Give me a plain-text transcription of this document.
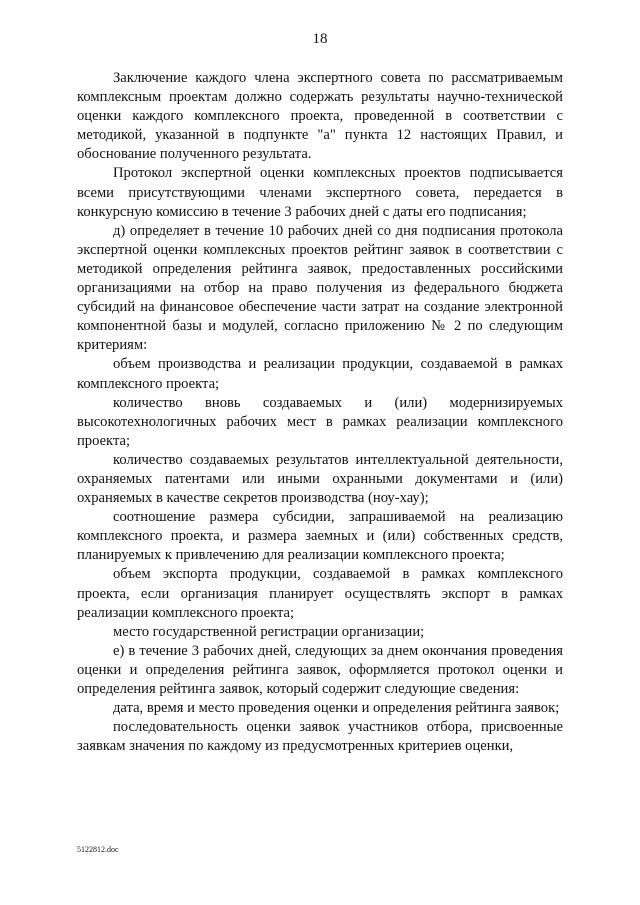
18

Заключение каждого члена экспертного совета по рассматриваемым комплексным проектам должно содержать результаты научно-технической оценки каждого комплексного проекта, проведенной в соответствии с методикой, указанной в подпункте "а" пункта 12 настоящих Правил, и обоснование полученного результата.

Протокол экспертной оценки комплексных проектов подписывается всеми присутствующими членами экспертного совета, передается в конкурсную комиссию в течение 3 рабочих дней с даты его подписания;

д) определяет в течение 10 рабочих дней со дня подписания протокола экспертной оценки комплексных проектов рейтинг заявок в соответствии с методикой определения рейтинга заявок, предоставленных российскими организациями на отбор на право получения из федерального бюджета субсидий на финансовое обеспечение части затрат на создание электронной компонентной базы и модулей, согласно приложению № 2 по следующим критериям:

объем производства и реализации продукции, создаваемой в рамках комплексного проекта;

количество вновь создаваемых и (или) модернизируемых высокотехнологичных рабочих мест в рамках реализации комплексного проекта;

количество создаваемых результатов интеллектуальной деятельности, охраняемых патентами или иными охранными документами и (или) охраняемых в качестве секретов производства (ноу-хау);

соотношение размера субсидии, запрашиваемой на реализацию комплексного проекта, и размера заемных и (или) собственных средств, планируемых к привлечению для реализации комплексного проекта;

объем экспорта продукции, создаваемой в рамках комплексного проекта, если организация планирует осуществлять экспорт в рамках реализации комплексного проекта;

место государственной регистрации организации;

е) в течение 3 рабочих дней, следующих за днем окончания проведения оценки и определения рейтинга заявок, оформляется протокол оценки и определения рейтинга заявок, который содержит следующие сведения:

дата, время и место проведения оценки и определения рейтинга заявок;

последовательность оценки заявок участников отбора, присвоенные заявкам значения по каждому из предусмотренных критериев оценки,

5122812.doc
